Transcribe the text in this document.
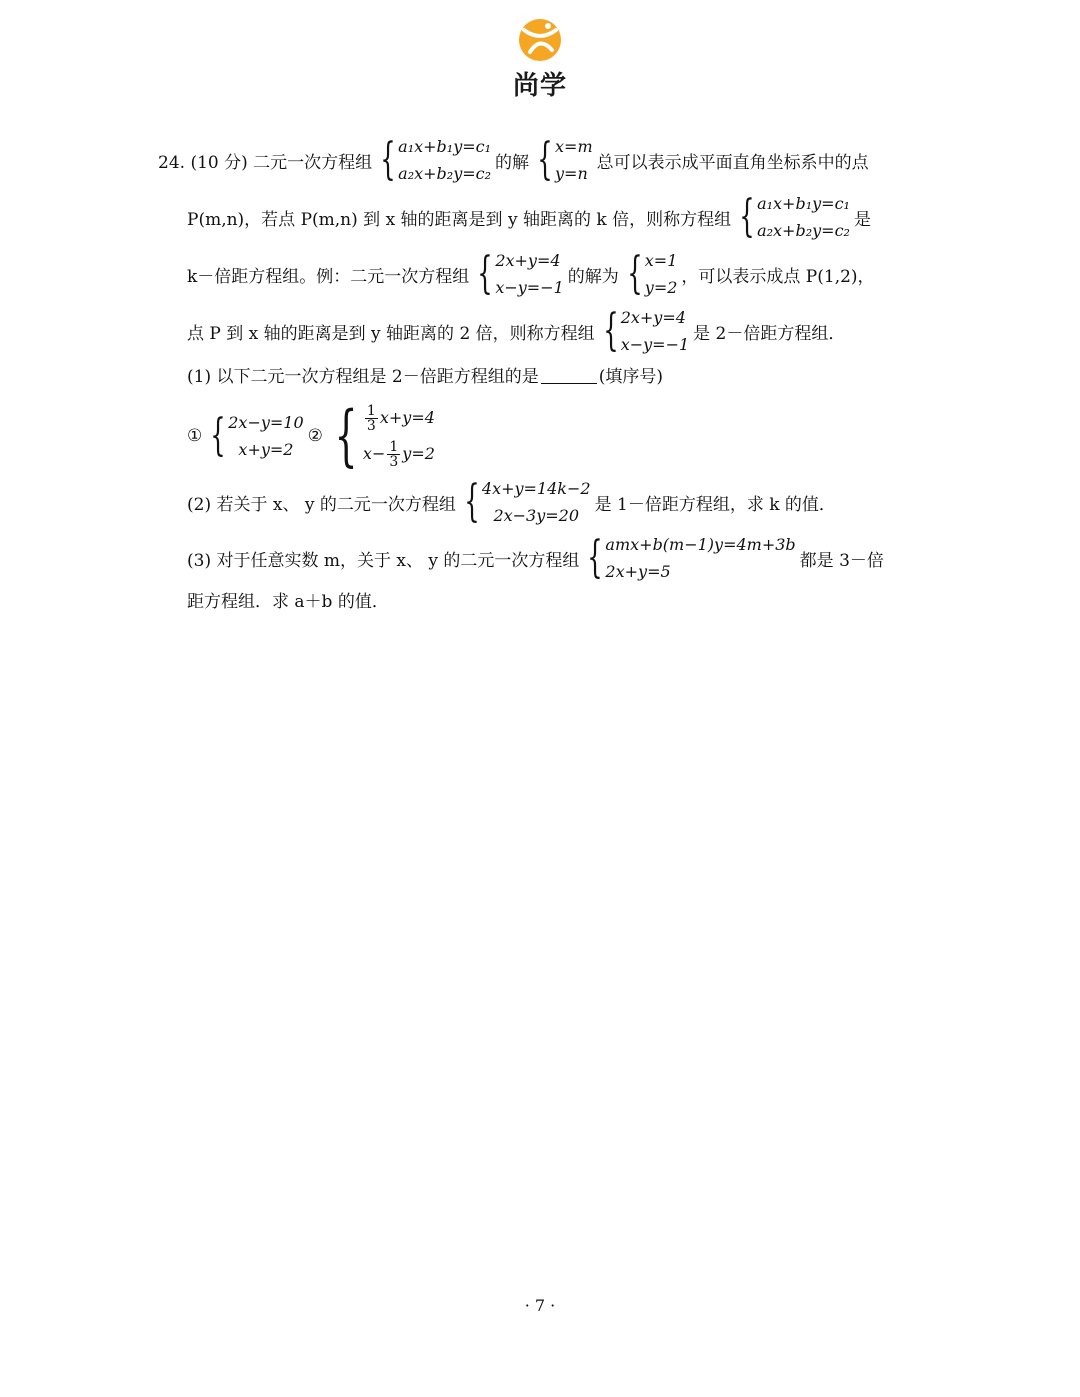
尚学
24. (10 分) 二元一次方程组 { a₁x+b₁y=c₁
a₂x+b₂y=c₂
的解 { x=m
y=n
总可以表示成平面直角坐标系中的点
P(m,n)，若点 P(m,n) 到 x 轴的距离是到 y 轴距离的 k 倍，则称方程组 { a₁x+b₁y=c₁
a₂x+b₂y=c₂
是
k－倍距方程组。例：二元一次方程组 { 2x+y=4
x−y=−1
的解为 { x=1
y=2
，可以表示成点 P(1,2)，
点 P 到 x 轴的距离是到 y 轴距离的 2 倍，则称方程组 { 2x+y=4
x−y=−1
是 2－倍距方程组．
(1) 以下二元一次方程组是 2－倍距方程组的是	(填序号)
① { 2x−y=10
x+y=2
② { $\frac{1}{3} x+y=4$
$x- \frac{1}{3} y=2$
(2) 若关于 x、 y 的二元一次方程组 { 4x+y=14k−2
2x−3y=20
是 1－倍距方程组，求 k 的值．
(3) 对于任意实数 m，关于 x、 y 的二元一次方程组 { amx+b(m−1)y=4m+3b
2x+y=5
都是 3－倍
距方程组．求 a＋b 的值．
· 7 ·
